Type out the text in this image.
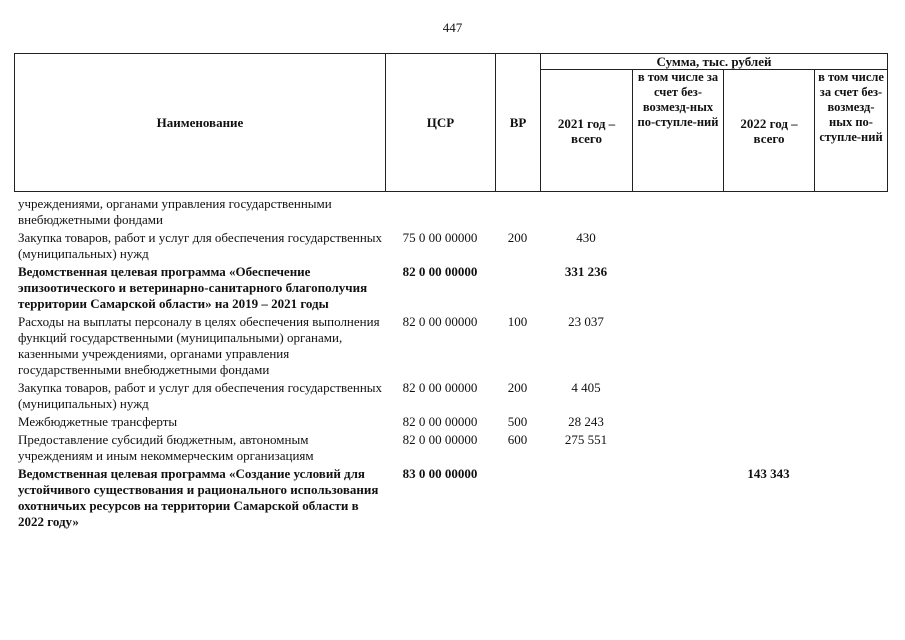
447
Наименование	ЦСР	ВР	Сумма, тыс. рублей			
			2021 год – всего	в том числе за счет без-возмезд-ных по-ступле-ний	2022 год – всего	в том числе за счет без-возмезд-ных по-ступле-ний
учреждениями, органами управления государственными внебюджетными фондами						
Закупка товаров, работ и услуг для обеспечения государственных (муниципальных) нужд	75 0 00 00000	200	430			
Ведомственная целевая программа «Обеспечение эпизоотического и ветеринарно-санитарного благополучия территории Самарской области» на 2019 – 2021 годы	82 0 00 00000		331 236			
Расходы на выплаты персоналу в целях обеспечения выполнения функций государственными (муниципальными) органами, казенными учреждениями, органами управления государственными внебюджетными фондами	82 0 00 00000	100	23 037			
Закупка товаров, работ и услуг для обеспечения государственных (муниципальных) нужд	82 0 00 00000	200	4 405			
Межбюджетные трансферты	82 0 00 00000	500	28 243			
Предоставление субсидий бюджетным, автономным учреждениям и иным некоммерческим организациям	82 0 00 00000	600	275 551			
Ведомственная целевая программа «Создание условий для устойчивого существования и рационального использования охотничьих ресурсов на территории Самарской области в 2022 году»	83 0 00 00000				143 343	
